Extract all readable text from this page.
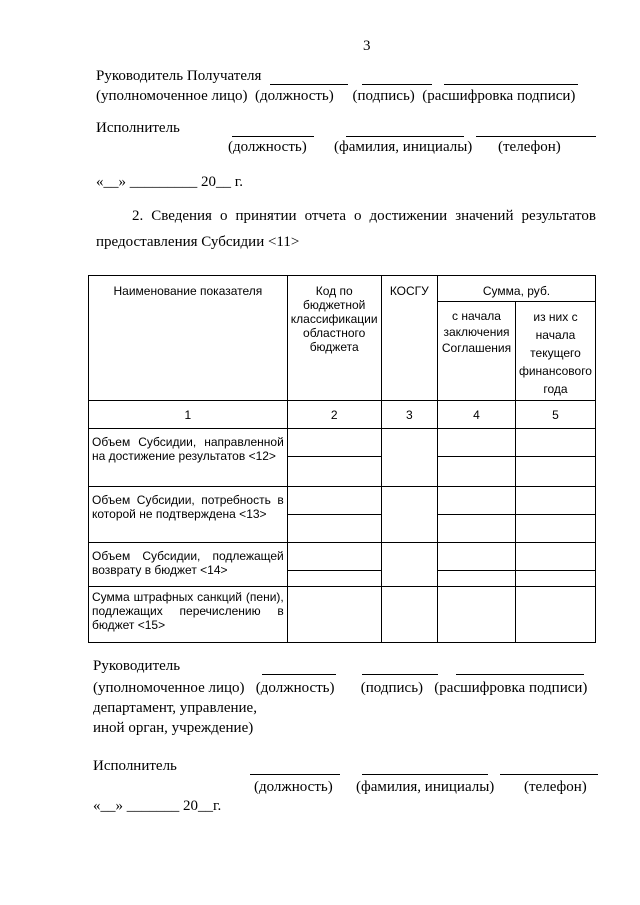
3
Руководитель Получателя
(уполномоченное лицо)  (должность)     (подпись)  (расшифровка подписи)
Исполнитель
(должность) (фамилия, инициалы) (телефон)
«__» _________ 20__ г.
2. Сведения о принятии отчета о достижении значений результатов
предоставления Субсидии <11>
Наименование показателя	Код по бюджетной классификации областного бюджета	КОСГУ	Сумма, руб.	
			с начала заключения Соглашения	из них с начала текущего финансового года
1	2	3	4	5
Объем Субсидии, направленной на достижение результатов <12>				

Объем Субсидии, потребность в которой не подтверждена <13>				

Объем Субсидии, подлежащей возврату в бюджет <14>				

Сумма штрафных санкций (пени), подлежащих перечислению в бюджет <15>				
Руководитель
(уполномоченное лицо)   (должность)       (подпись)   (расшифровка подписи)
департамент, управление,
иной орган, учреждение)
Исполнитель
(должность) (фамилия, инициалы) (телефон)
«__» _______ 20__г.
